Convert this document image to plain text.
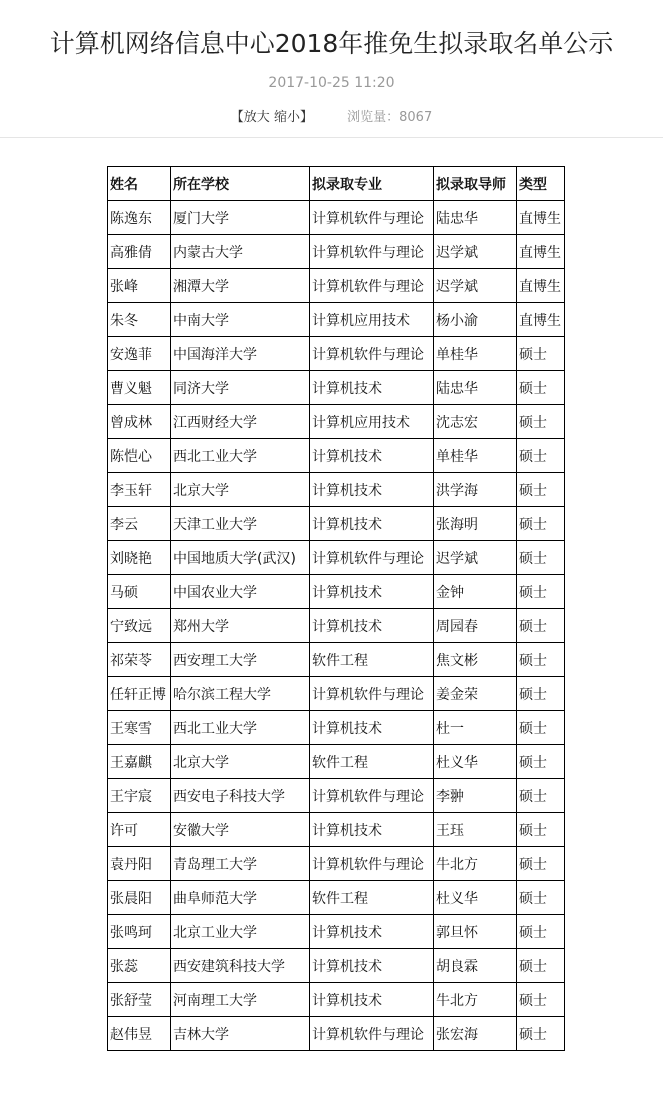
计算机网络信息中心2018年推免生拟录取名单公示
2017-10-25 11:20
【放大 缩小】	浏览量：8067
姓名	所在学校	拟录取专业	拟录取导师	类型
陈逸东	厦门大学	计算机软件与理论	陆忠华	直博生
高雅倩	内蒙古大学	计算机软件与理论	迟学斌	直博生
张峰	湘潭大学	计算机软件与理论	迟学斌	直博生
朱冬	中南大学	计算机应用技术	杨小渝	直博生
安逸菲	中国海洋大学	计算机软件与理论	单桂华	硕士
曹义魁	同济大学	计算机技术	陆忠华	硕士
曾成林	江西财经大学	计算机应用技术	沈志宏	硕士
陈恺心	西北工业大学	计算机技术	单桂华	硕士
李玉轩	北京大学	计算机技术	洪学海	硕士
李云	天津工业大学	计算机技术	张海明	硕士
刘晓艳	中国地质大学(武汉)	计算机软件与理论	迟学斌	硕士
马硕	中国农业大学	计算机技术	金钟	硕士
宁致远	郑州大学	计算机技术	周园春	硕士
祁荣苓	西安理工大学	软件工程	焦文彬	硕士
任轩正博	哈尔滨工程大学	计算机软件与理论	姜金荣	硕士
王寒雪	西北工业大学	计算机技术	杜一	硕士
王嘉麒	北京大学	软件工程	杜义华	硕士
王宇宸	西安电子科技大学	计算机软件与理论	李翀	硕士
许可	安徽大学	计算机技术	王珏	硕士
袁丹阳	青岛理工大学	计算机软件与理论	牛北方	硕士
张晨阳	曲阜师范大学	软件工程	杜义华	硕士
张鸣珂	北京工业大学	计算机技术	郭旦怀	硕士
张蕊	西安建筑科技大学	计算机技术	胡良霖	硕士
张舒莹	河南理工大学	计算机技术	牛北方	硕士
赵伟昱	吉林大学	计算机软件与理论	张宏海	硕士
